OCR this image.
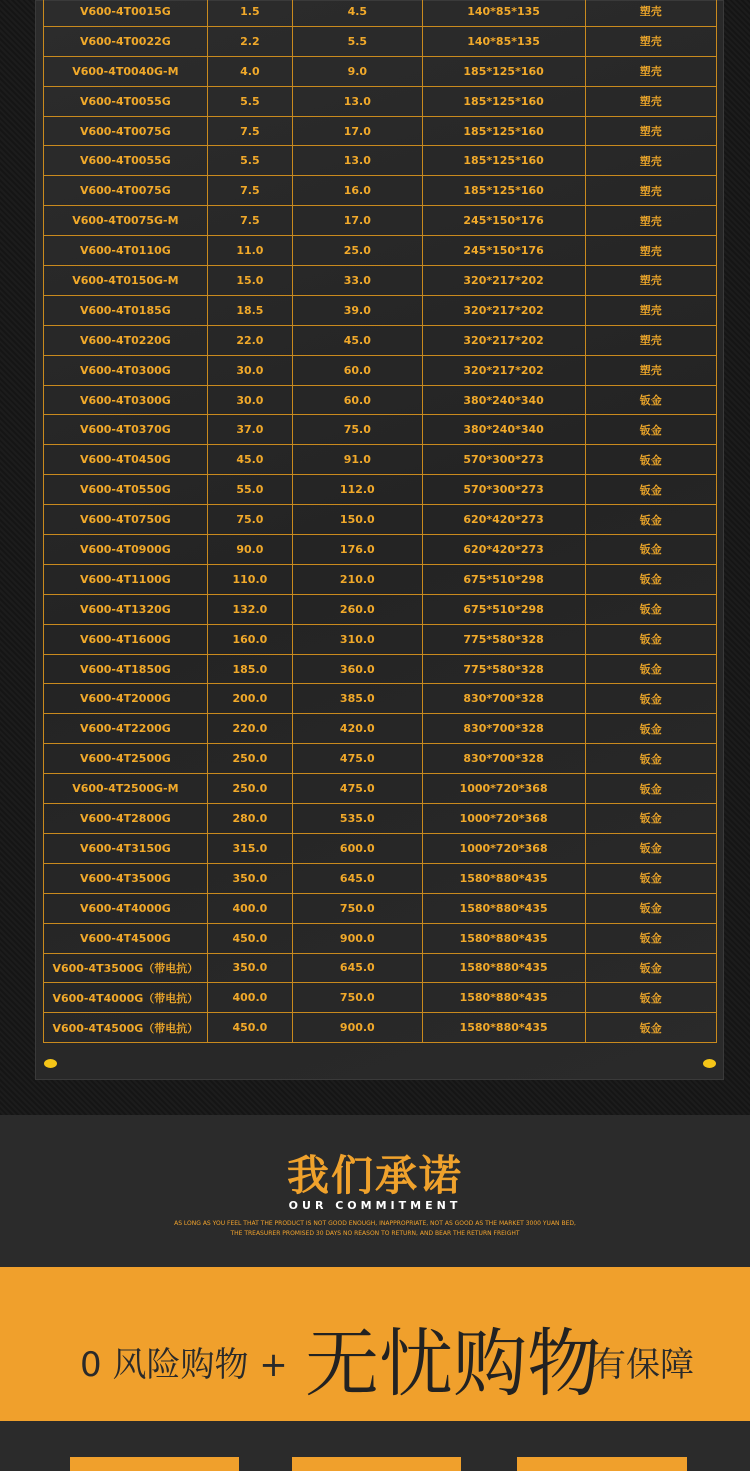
V600-4T0015G	1.5	4.5	140*85*135	塑壳
V600-4T0022G	2.2	5.5	140*85*135	塑壳
V600-4T0040G-M	4.0	9.0	185*125*160	塑壳
V600-4T0055G	5.5	13.0	185*125*160	塑壳
V600-4T0075G	7.5	17.0	185*125*160	塑壳
V600-4T0055G	5.5	13.0	185*125*160	塑壳
V600-4T0075G	7.5	16.0	185*125*160	塑壳
V600-4T0075G-M	7.5	17.0	245*150*176	塑壳
V600-4T0110G	11.0	25.0	245*150*176	塑壳
V600-4T0150G-M	15.0	33.0	320*217*202	塑壳
V600-4T0185G	18.5	39.0	320*217*202	塑壳
V600-4T0220G	22.0	45.0	320*217*202	塑壳
V600-4T0300G	30.0	60.0	320*217*202	塑壳
V600-4T0300G	30.0	60.0	380*240*340	钣金
V600-4T0370G	37.0	75.0	380*240*340	钣金
V600-4T0450G	45.0	91.0	570*300*273	钣金
V600-4T0550G	55.0	112.0	570*300*273	钣金
V600-4T0750G	75.0	150.0	620*420*273	钣金
V600-4T0900G	90.0	176.0	620*420*273	钣金
V600-4T1100G	110.0	210.0	675*510*298	钣金
V600-4T1320G	132.0	260.0	675*510*298	钣金
V600-4T1600G	160.0	310.0	775*580*328	钣金
V600-4T1850G	185.0	360.0	775*580*328	钣金
V600-4T2000G	200.0	385.0	830*700*328	钣金
V600-4T2200G	220.0	420.0	830*700*328	钣金
V600-4T2500G	250.0	475.0	830*700*328	钣金
V600-4T2500G-M	250.0	475.0	1000*720*368	钣金
V600-4T2800G	280.0	535.0	1000*720*368	钣金
V600-4T3150G	315.0	600.0	1000*720*368	钣金
V600-4T3500G	350.0	645.0	1580*880*435	钣金
V600-4T4000G	400.0	750.0	1580*880*435	钣金
V600-4T4500G	450.0	900.0	1580*880*435	钣金
V600-4T3500G（带电抗）	350.0	645.0	1580*880*435	钣金
V600-4T4000G（带电抗）	400.0	750.0	1580*880*435	钣金
V600-4T4500G（带电抗）	450.0	900.0	1580*880*435	钣金
我们承诺
OUR COMMITMENT
AS LONG AS YOU FEEL THAT THE PRODUCT IS NOT GOOD ENOUGH, INAPPROPRIATE, NOT AS GOOD AS THE MARKET 3000 YUAN BED,
THE TREASURER PROMISED 30 DAYS NO REASON TO RETURN, AND BEAR THE RETURN FREIGHT
0 风险购物 + 无忧购物
有保障
